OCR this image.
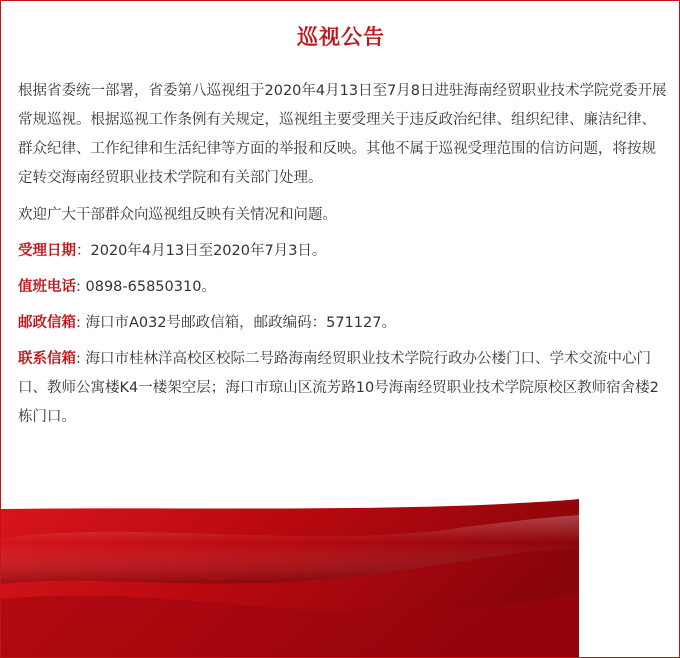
巡视公告

根据省委统一部署，省委第八巡视组于2020年4月13日至7月8日进驻海南经贸职业技术学院党委开展常规巡视。根据巡视工作条例有关规定，巡视组主要受理关于违反政治纪律、组织纪律、廉洁纪律、群众纪律、工作纪律和生活纪律等方面的举报和反映。其他不属于巡视受理范围的信访问题，将按规定转交海南经贸职业技术学院和有关部门处理。

欢迎广大干部群众向巡视组反映有关情况和问题。

受理日期：2020年4月13日至2020年7月3日。

值班电话: 0898-65850310。

邮政信箱: 海口市A032号邮政信箱，邮政编码：571127。

联系信箱: 海口市桂林洋高校区校际二号路海南经贸职业技术学院行政办公楼门口、学术交流中心门口、教师公寓楼K4一楼架空层；海口市琼山区流芳路10号海南经贸职业技术学院原校区教师宿舍楼2栋门口。
